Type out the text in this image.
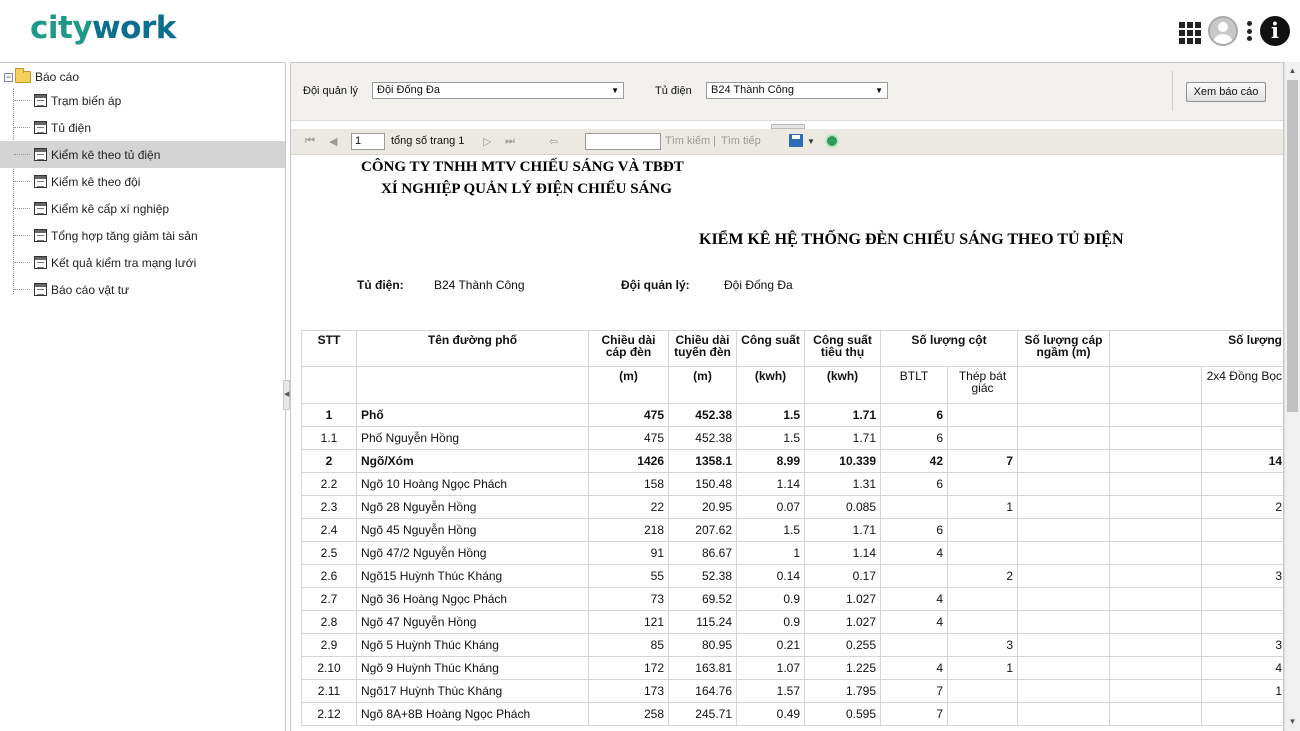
citywork	i
− Báo cáo
Trạm biến áp
Tủ điện
Kiểm kê theo tủ điện
Kiểm kê theo đội
Kiểm kê cấp xí nghiệp
Tổng hợp tăng giảm tài sản
Kết quả kiểm tra mạng lưới
Báo cáo vật tư
◀
Đội quản lý	Đội Đống Đa	▼	Tủ điện	B24 Thành Công	▼	Xem báo cáo
⏮ ◀	1	tổng số trang 1 ▷ ⏭	⇦	Tìm kiếm | Tìm tiếp	▼
CÔNG TY TNHH MTV CHIẾU SÁNG VÀ TBĐT
XÍ NGHIỆP QUẢN LÝ ĐIỆN CHIẾU SÁNG
KIỂM KÊ HỆ THỐNG ĐÈN CHIẾU SÁNG THEO TỦ ĐIỆN
Tủ điện:	B24 Thành Công	Đội quản lý:	Đội Đống Đa
STT	Tên đường phố	Chiều dài cáp đèn	Chiều dài tuyến đèn	Công suất	Công suất tiêu thụ	Số lượng cột		Số lượng cáp ngầm (m)	Số lượng	
		(m)	(m)	(kwh)	(kwh)	BTLT	Thép bát giác			2x4 Đồng Bọc
1	Phố	475	452.38	1.5	1.71	6				
1.1	Phố Nguyễn Hồng	475	452.38	1.5	1.71	6				
2	Ngõ/Xóm	1426	1358.1	8.99	10.339	42	7			14
2.2	Ngõ 10 Hoàng Ngọc Phách	158	150.48	1.14	1.31	6				
2.3	Ngõ 28 Nguyễn Hồng	22	20.95	0.07	0.085		1			2
2.4	Ngõ 45 Nguyễn Hồng	218	207.62	1.5	1.71	6				
2.5	Ngõ 47/2 Nguyễn Hồng	91	86.67	1	1.14	4				
2.6	Ngõ15 Huỳnh Thúc Kháng	55	52.38	0.14	0.17		2			3
2.7	Ngõ 36 Hoàng Ngọc Phách	73	69.52	0.9	1.027	4				
2.8	Ngõ 47 Nguyễn Hồng	121	115.24	0.9	1.027	4				
2.9	Ngõ 5 Huỳnh Thúc Kháng	85	80.95	0.21	0.255		3			3
2.10	Ngõ 9 Huỳnh Thúc Kháng	172	163.81	1.07	1.225	4	1			4
2.11	Ngõ17 Huỳnh Thúc Kháng	173	164.76	1.57	1.795	7				1
2.12	Ngõ 8A+8B Hoàng Ngọc Phách	258	245.71	0.49	0.595	7				
▲
▼
